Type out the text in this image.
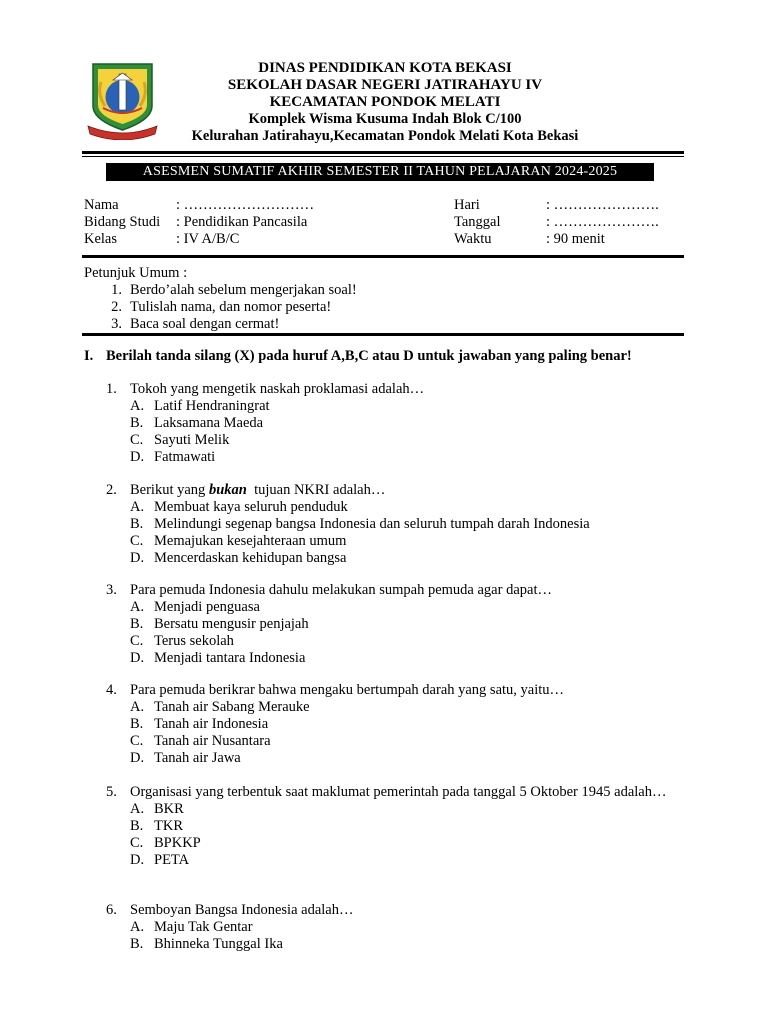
DINAS PENDIDIKAN KOTA BEKASI
SEKOLAH DASAR NEGERI JATIRAHAYU IV
KECAMATAN PONDOK MELATI
Komplek Wisma Kusuma Indah Blok C/100
Kelurahan Jatirahayu,Kecamatan Pondok Melati Kota Bekasi
ASESMEN SUMATIF AKHIR SEMESTER II TAHUN PELAJARAN 2024-2025
Nama	: ………………………
Bidang Studi	: Pendidikan Pancasila
Kelas	: IV A/B/C
Hari	: ………………….
Tanggal	: ………………….
Waktu	: 90 menit
Petunjuk Umum :
1. Berdo’alah sebelum mengerjakan soal!
2. Tulislah nama, dan nomor peserta!
3. Baca soal dengan cermat!
I. Berilah tanda silang (X) pada huruf A,B,C atau D untuk jawaban yang paling benar!
1. Tokoh yang mengetik naskah proklamasi adalah…
A. Latif Hendraningrat
B. Laksamana Maeda
C. Sayuti Melik
D. Fatmawati
2. Berikut yang bukan  tujuan NKRI adalah…
A. Membuat kaya seluruh penduduk
B. Melindungi segenap bangsa Indonesia dan seluruh tumpah darah Indonesia
C. Memajukan kesejahteraan umum
D. Mencerdaskan kehidupan bangsa
3. Para pemuda Indonesia dahulu melakukan sumpah pemuda agar dapat…
A. Menjadi penguasa
B. Bersatu mengusir penjajah
C. Terus sekolah
D. Menjadi tantara Indonesia
4. Para pemuda berikrar bahwa mengaku bertumpah darah yang satu, yaitu…
A. Tanah air Sabang Merauke
B. Tanah air Indonesia
C. Tanah air Nusantara
D. Tanah air Jawa
5. Organisasi yang terbentuk saat maklumat pemerintah pada tanggal 5 Oktober 1945 adalah…
A. BKR
B. TKR
C. BPKKP
D. PETA
6. Semboyan Bangsa Indonesia adalah…
A. Maju Tak Gentar
B. Bhinneka Tunggal Ika
